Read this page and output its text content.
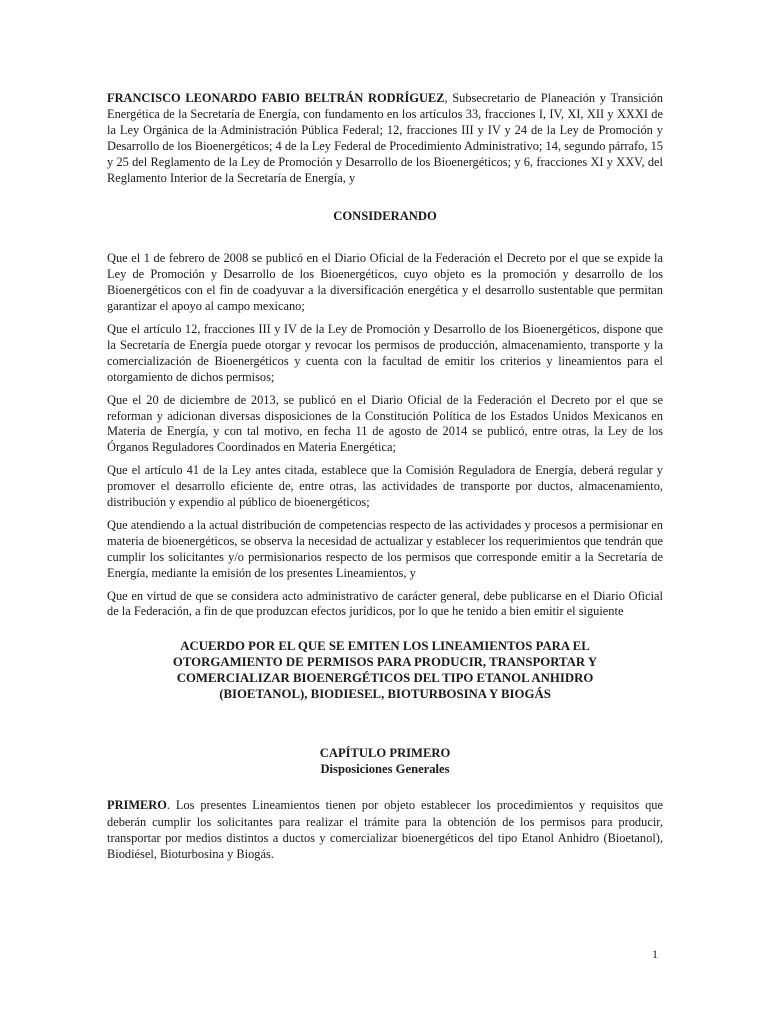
FRANCISCO LEONARDO FABIO BELTRÁN RODRÍGUEZ, Subsecretario de Planeación y Transición Energética de la Secretaría de Energía, con fundamento en los artículos 33, fracciones I, IV, XI, XII y XXXI de la Ley Orgánica de la Administración Pública Federal; 12, fracciones III y IV y 24 de la Ley de Promoción y Desarrollo de los Bioenergéticos; 4 de la Ley Federal de Procedimiento Administrativo; 14, segundo párrafo, 15 y 25 del Reglamento de la Ley de Promoción y Desarrollo de los Bioenergéticos; y 6, fracciones XI y XXV, del Reglamento Interior de la Secretaría de Energía, y

CONSIDERANDO

Que el 1 de febrero de 2008 se publicó en el Diario Oficial de la Federación el Decreto por el que se expide la Ley de Promoción y Desarrollo de los Bioenergéticos, cuyo objeto es la promoción y desarrollo de los Bioenergéticos con el fin de coadyuvar a la diversificación energética y el desarrollo sustentable que permitan garantizar el apoyo al campo mexicano;

Que el artículo 12, fracciones III y IV de la Ley de Promoción y Desarrollo de los Bioenergéticos, dispone que la Secretaría de Energía puede otorgar y revocar los permisos de producción, almacenamiento, transporte y la comercialización de Bioenergéticos y cuenta con la facultad de emitir los criterios y lineamientos para el otorgamiento de dichos permisos;

Que el 20 de diciembre de 2013, se publicó en el Diario Oficial de la Federación el Decreto por el que se reforman y adicionan diversas disposiciones de la Constitución Política de los Estados Unidos Mexicanos en Materia de Energía, y con tal motivo, en fecha 11 de agosto de 2014 se publicó, entre otras, la Ley de los Órganos Reguladores Coordinados en Materia Energética;

Que el artículo 41 de la Ley antes citada, establece que la Comisión Reguladora de Energía, deberá regular y promover el desarrollo eficiente de, entre otras, las actividades de transporte por ductos, almacenamiento, distribución y expendio al público de bioenergéticos;

Que atendiendo a la actual distribución de competencias respecto de las actividades y procesos a permisionar en materia de bioenergéticos, se observa la necesidad de actualizar y establecer los requerimientos que tendrán que cumplir los solicitantes y/o permisionarios respecto de los permisos que corresponde emitir a la Secretaría de Energía, mediante la emisión de los presentes Lineamientos, y

Que en virtud de que se considera acto administrativo de carácter general, debe publicarse en el Diario Oficial de la Federación, a fin de que produzcan efectos jurídicos, por lo que he tenido a bien emitir el siguiente

ACUERDO POR EL QUE SE EMITEN LOS LINEAMIENTOS PARA EL OTORGAMIENTO DE PERMISOS PARA PRODUCIR, TRANSPORTAR Y COMERCIALIZAR BIOENERGÉTICOS DEL TIPO ETANOL ANHIDRO (BIOETANOL), BIODIESEL, BIOTURBOSINA Y BIOGÁS
CAPÍTULO PRIMERO
Disposiciones Generales

PRIMERO. Los presentes Lineamientos tienen por objeto establecer los procedimientos y requisitos que deberán cumplir los solicitantes para realizar el trámite para la obtención de los permisos para producir, transportar por medios distintos a ductos y comercializar bioenergéticos del tipo Etanol Anhidro (Bioetanol), Biodiésel, Bioturbosina y Biogás.

1
